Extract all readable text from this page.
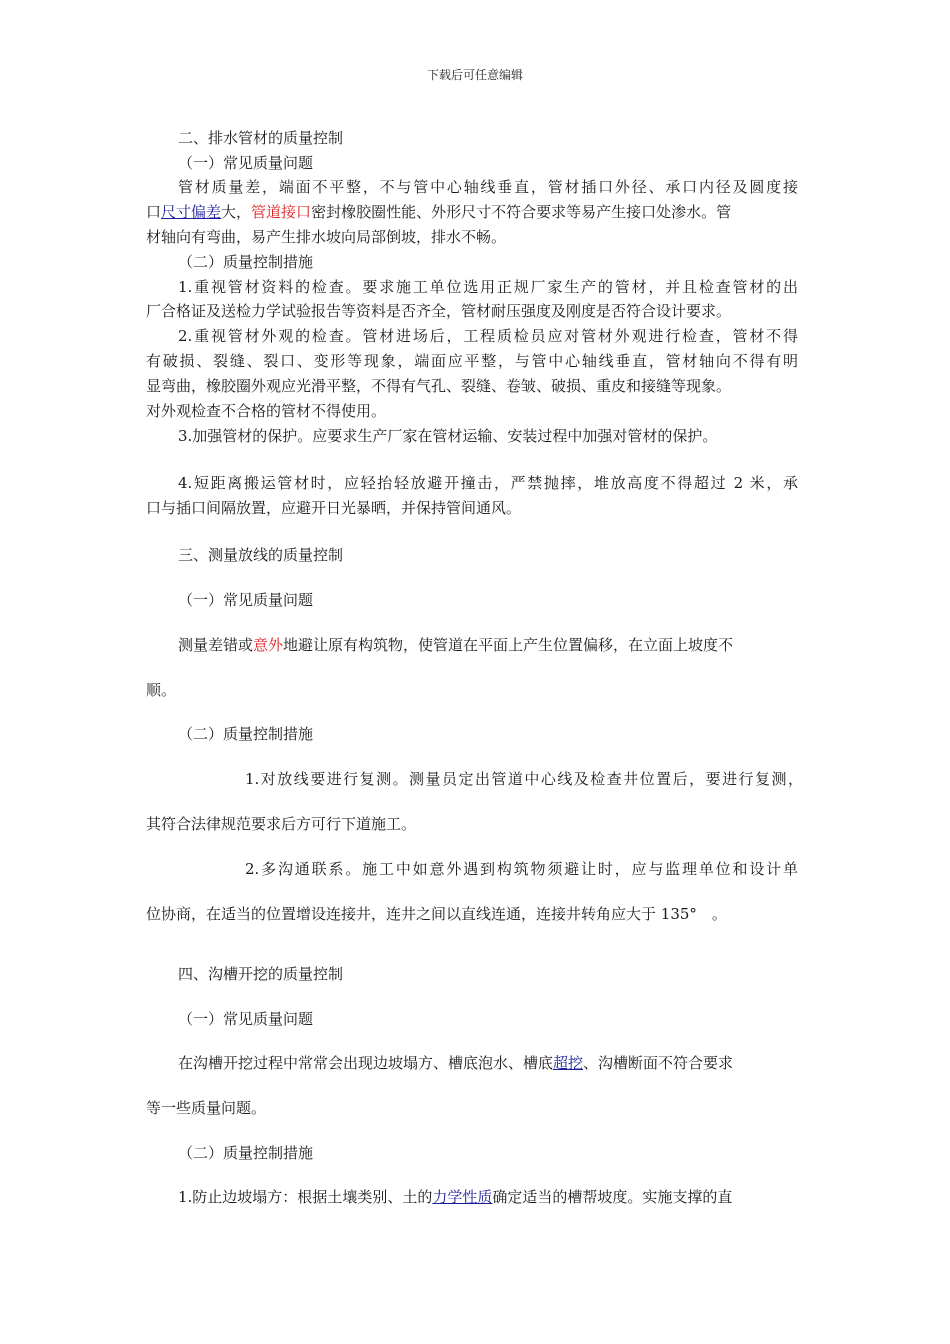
下载后可任意编辑
二、排水管材的质量控制
（一）常见质量问题
管材质量差，端面不平整，不与管中心轴线垂直，管材插口外径、承口内径及圆度接
口尺寸偏差大，管道接口密封橡胶圈性能、外形尺寸不符合要求等易产生接口处渗水。管
材轴向有弯曲，易产生排水坡向局部倒坡，排水不畅。
（二）质量控制措施
1.重视管材资料的检查。要求施工单位选用正规厂家生产的管材，并且检查管材的出
厂合格证及送检力学试验报告等资料是否齐全，管材耐压强度及刚度是否符合设计要求。
2.重视管材外观的检查。管材进场后，工程质检员应对管材外观进行检查，管材不得
有破损、裂缝、裂口、变形等现象，端面应平整，与管中心轴线垂直，管材轴向不得有明
显弯曲，橡胶圈外观应光滑平整，不得有气孔、裂缝、卷皱、破损、重皮和接缝等现象。
对外观检查不合格的管材不得使用。
3.加强管材的保护。应要求生产厂家在管材运输、安装过程中加强对管材的保护。
4.短距离搬运管材时，应轻抬轻放避开撞击，严禁抛摔，堆放高度不得超过 2 米，承
口与插口间隔放置，应避开日光暴晒，并保持管间通风。
三、测量放线的质量控制
（一）常见质量问题
测量差错或意外地避让原有构筑物，使管道在平面上产生位置偏移，在立面上坡度不
顺。
（二）质量控制措施
1.对放线要进行复测。测量员定出管道中心线及检查井位置后，要进行复测，
其符合法律规范要求后方可行下道施工。
2.多沟通联系。施工中如意外遇到构筑物须避让时，应与监理单位和设计单
位协商，在适当的位置增设连接井，连井之间以直线连通，连接井转角应大于 135°　。
四、沟槽开挖的质量控制
（一）常见质量问题
在沟槽开挖过程中常常会出现边坡塌方、槽底泡水、槽底超挖、沟槽断面不符合要求
等一些质量问题。
（二）质量控制措施
1.防止边坡塌方：根据土壤类别、土的力学性质确定适当的槽帮坡度。实施支撑的直
